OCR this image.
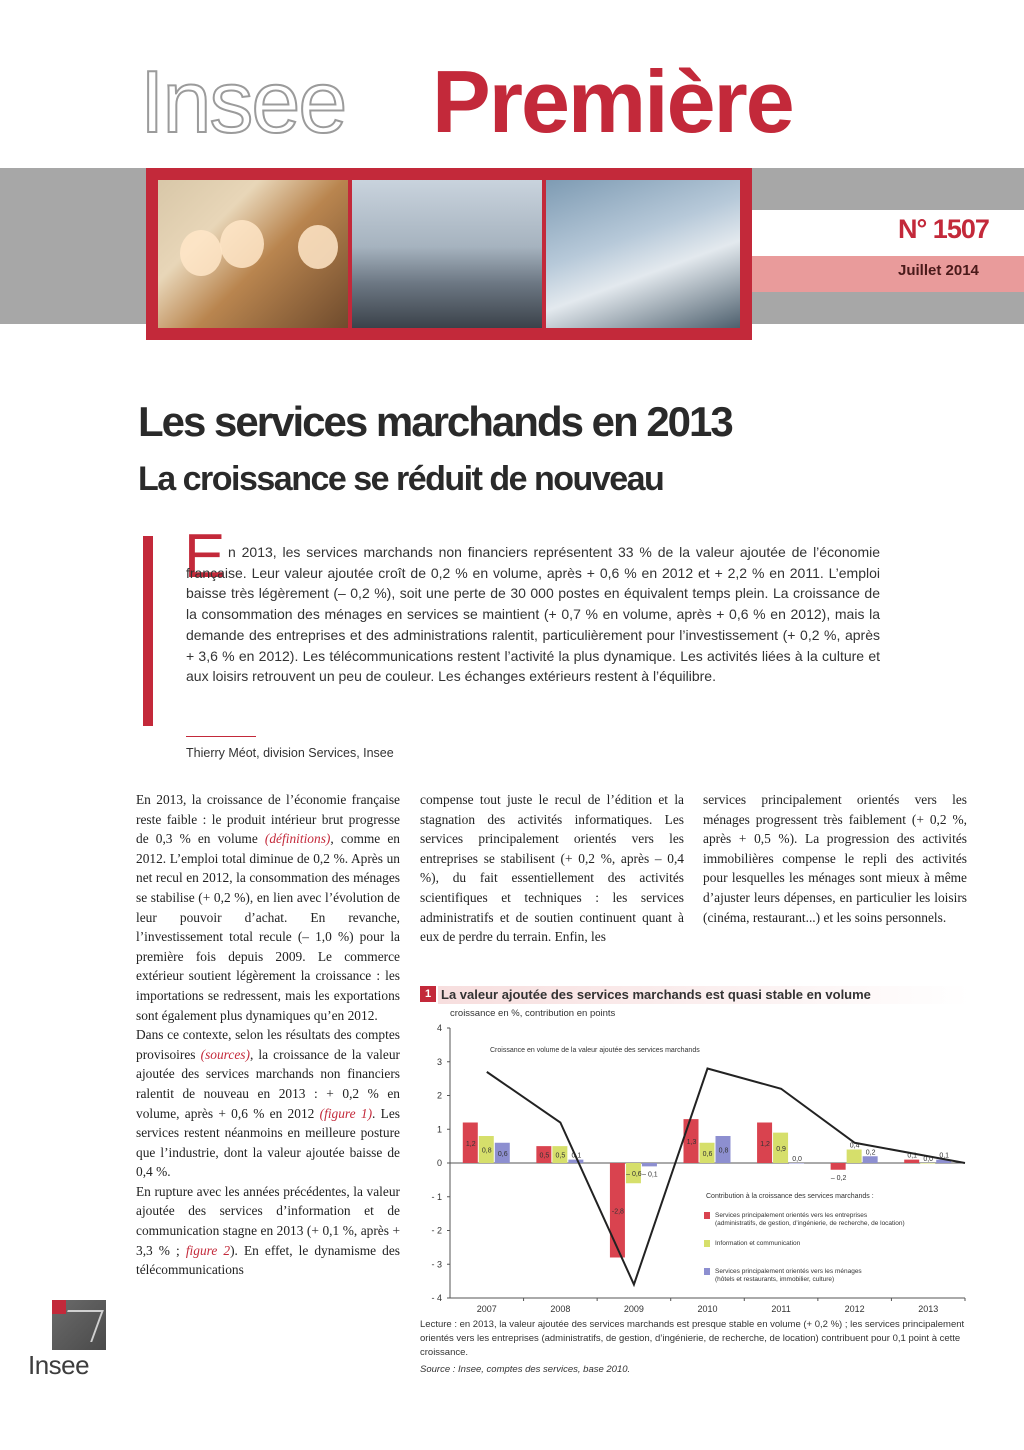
Insee Première
N° 1507
Juillet 2014
Les services marchands en 2013
La croissance se réduit de nouveau
E n 2013, les services marchands non financiers représentent 33 % de la valeur ajoutée de l’économie française. Leur valeur ajoutée croît de 0,2 % en volume, après + 0,6 % en 2012 et + 2,2 % en 2011. L’emploi baisse très légèrement (– 0,2 %), soit une perte de 30 000 postes en équivalent temps plein. La croissance de la consommation des ménages en services se maintient (+ 0,7 % en volume, après + 0,6 % en 2012), mais la demande des entreprises et des administrations ralentit, particulièrement pour l’investissement (+ 0,2 %, après + 3,6 % en 2012). Les télécommunications restent l’activité la plus dynamique. Les activités liées à la culture et aux loisirs retrouvent un peu de couleur. Les échanges extérieurs restent à l’équilibre.

Thierry Méot, division Services, Insee

En 2013, la croissance de l’économie française reste faible : le produit intérieur brut progresse de 0,3 % en volume (définitions), comme en 2012. L’emploi total diminue de 0,2 %. Après un net recul en 2012, la consommation des ménages se stabilise (+ 0,2 %), en lien avec l’évolution de leur pouvoir d’achat. En revanche, l’investissement total recule (– 1,0 %) pour la première fois depuis 2009. Le commerce extérieur soutient légèrement la croissance : les importations se redressent, mais les exportations sont également plus dynamiques qu’en 2012.

Dans ce contexte, selon les résultats des comptes provisoires (sources), la croissance de la valeur ajoutée des services marchands non financiers ralentit de nouveau en 2013 : + 0,2 % en volume, après + 0,6 % en 2012 (figure 1). Les services restent néanmoins en meilleure posture que l’industrie, dont la valeur ajoutée baisse de 0,4 %.

En rupture avec les années précédentes, la valeur ajoutée des services d’information et de communication stagne en 2013 (+ 0,1 %, après + 3,3 % ; figure 2). En effet, le dynamisme des télécommunications

compense tout juste le recul de l’édition et la stagnation des activités informatiques. Les services principalement orientés vers les entreprises se stabilisent (+ 0,2 %, après – 0,4 %), du fait essentiellement des activités scientifiques et techniques : les services administratifs et de soutien continuent quant à eux de perdre du terrain. Enfin, les

services principalement orientés vers les ménages progressent très faiblement (+ 0,2 %, après + 0,5 %). La progression des activités immobilières compense le repli des activités pour lesquelles les ménages sont mieux à même d’ajuster leurs dépenses, en particulier les loisirs (cinéma, restaurant...) et les soins personnels.

1 La valeur ajoutée des services marchands est quasi stable en volume
croissance en %, contribution en points
4
3
2
1
0
- 1
- 2
- 3
- 4
2007	2008	2009	2010	2011	2012	2013
1,2
0,8 0,6	0,5 0,5 0,1
-2,8
– 0,6 – 0,1
1,3
0,6 0,8
1,2
0,9
0,0
– 0,2
0,4
0,2	0,1 0,0 0,1
Croissance en volume de la valeur ajoutée des services marchands
Contribution à la croissance des services marchands :
Services principalement orientés vers les entreprises
(administratifs, de gestion, d’ingénierie, de recherche, de location)
Information et communication
Services principalement orientés vers les ménages
(hôtels et restaurants, immobilier, culture)

Lecture : en 2013, la valeur ajoutée des services marchands est presque stable en volume (+ 0,2 %) ; les services principalement orientés vers les entreprises (administratifs, de gestion, d’ingénierie, de recherche, de location) contribuent pour 0,1 point à cette croissance.

Source : Insee, comptes des services, base 2010.

Insee
